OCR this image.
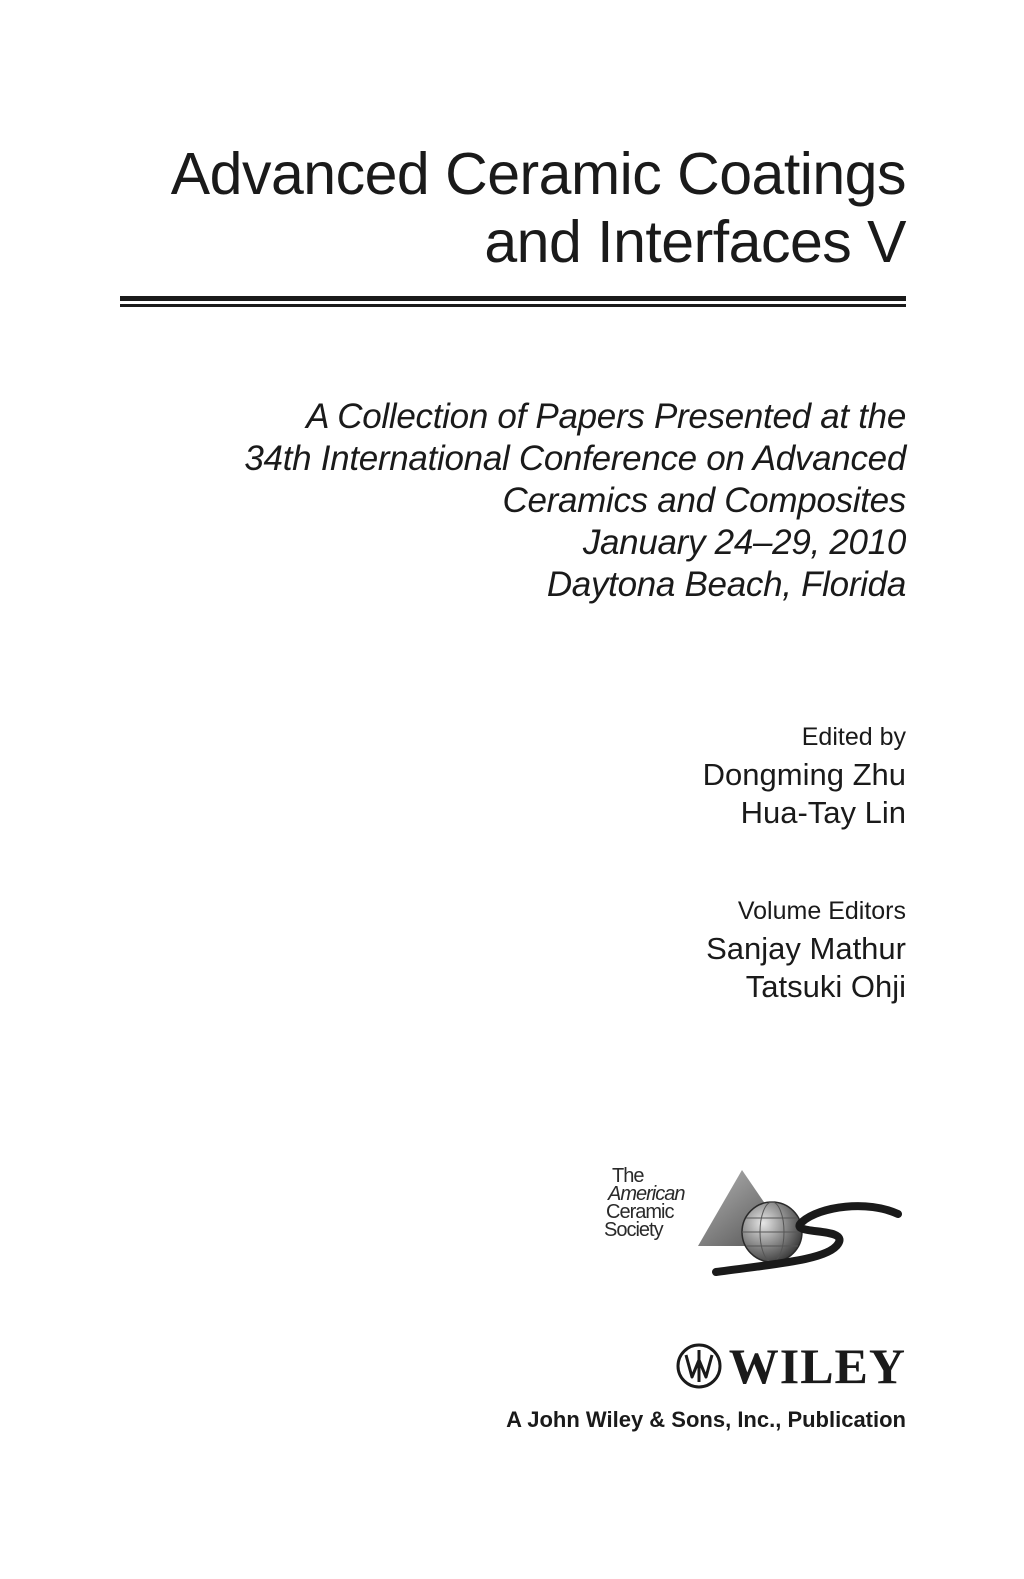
Advanced Ceramic Coatings
and Interfaces V
A Collection of Papers Presented at the
34th International Conference on Advanced
Ceramics and Composites
January 24–29, 2010
Daytona Beach, Florida
Edited by
Dongming Zhu
Hua-Tay Lin
Volume Editors
Sanjay Mathur
Tatsuki Ohji
The
American
Ceramic
Society
WILEY
A John Wiley & Sons, Inc., Publication
